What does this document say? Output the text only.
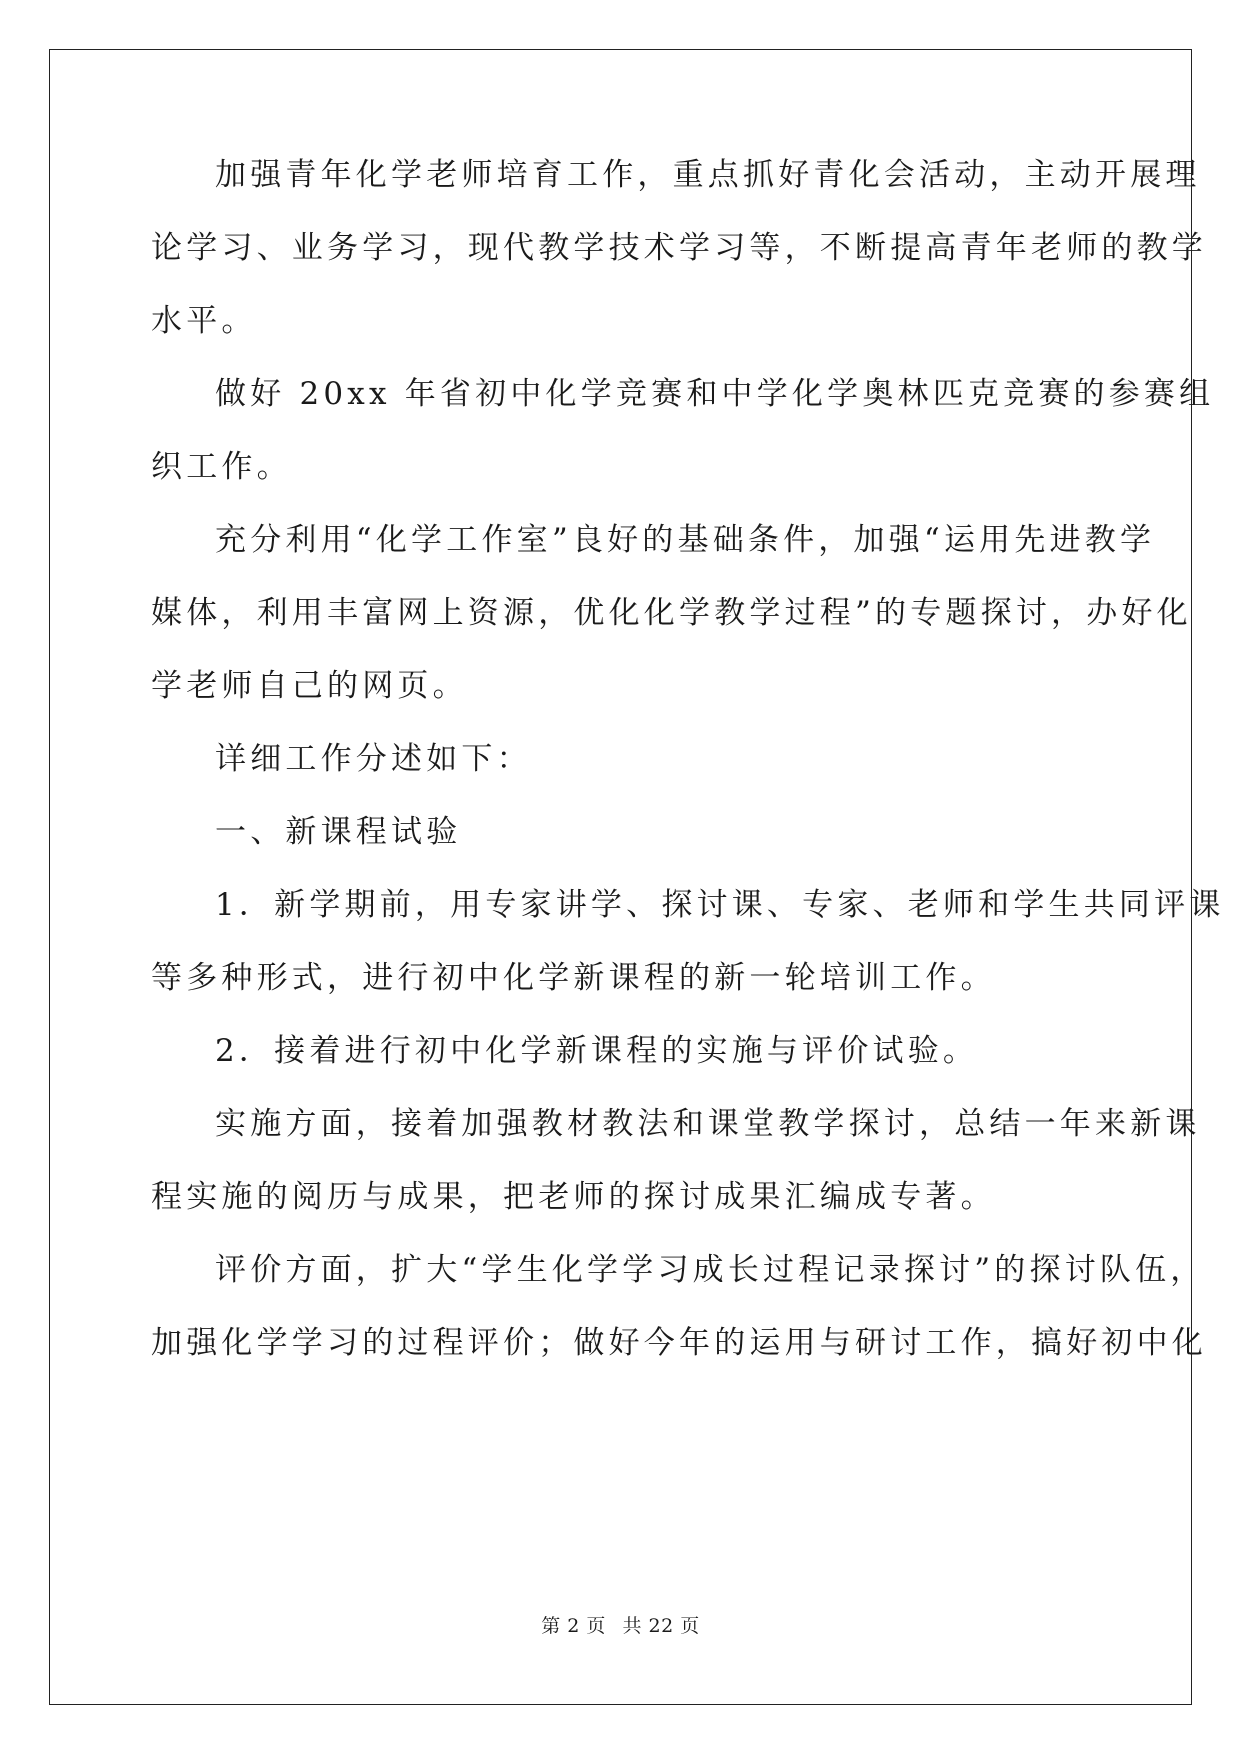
加强青年化学老师培育工作，重点抓好青化会活动，主动开展理
论学习、业务学习，现代教学技术学习等，不断提高青年老师的教学
水平。
做好 20xx 年省初中化学竞赛和中学化学奥林匹克竞赛的参赛组
织工作。
充分利用“化学工作室”良好的基础条件，加强“运用先进教学
媒体，利用丰富网上资源，优化化学教学过程”的专题探讨，办好化
学老师自己的网页。
详细工作分述如下：
一、新课程试验
1．新学期前，用专家讲学、探讨课、专家、老师和学生共同评课
等多种形式，进行初中化学新课程的新一轮培训工作。
2．接着进行初中化学新课程的实施与评价试验。
实施方面，接着加强教材教法和课堂教学探讨，总结一年来新课
程实施的阅历与成果，把老师的探讨成果汇编成专著。
评价方面，扩大“学生化学学习成长过程记录探讨”的探讨队伍，
加强化学学习的过程评价；做好今年的运用与研讨工作，搞好初中化
第 2 页 共 22 页
